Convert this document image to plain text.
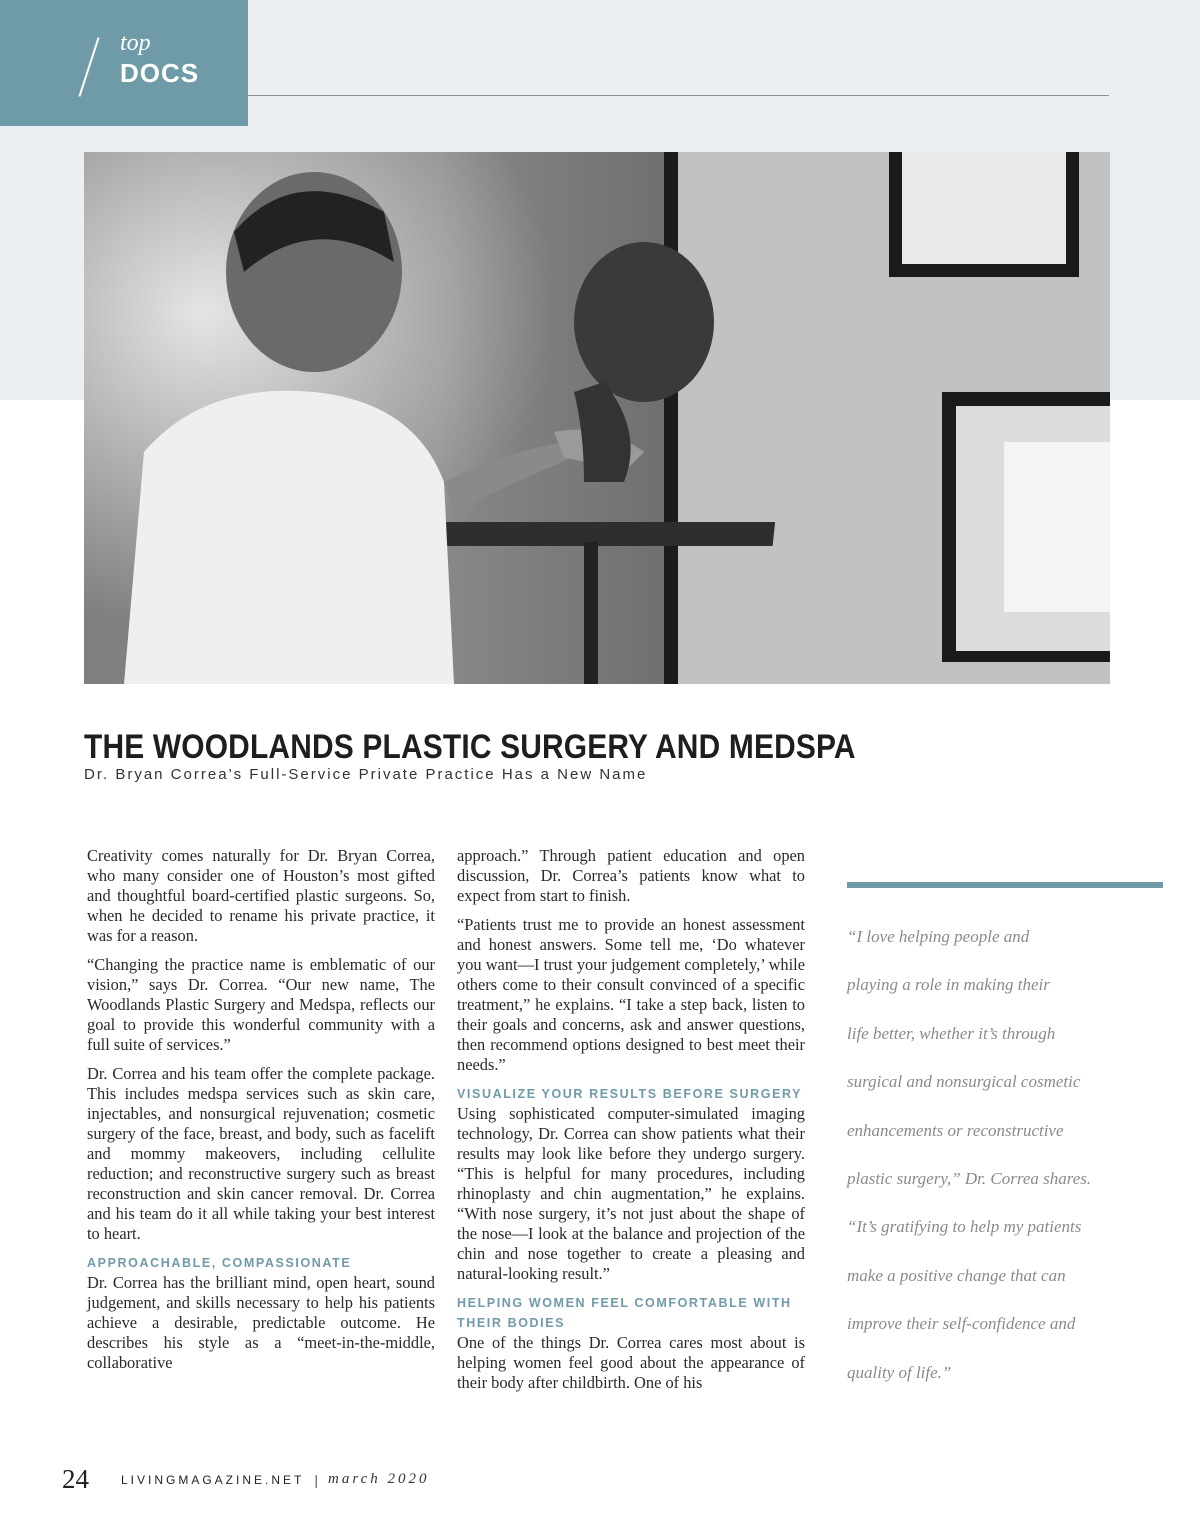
top
DOCS
THE WOODLANDS PLASTIC SURGERY AND MEDSPA
Dr. Bryan Correa’s Full-Service Private Practice Has a New Name

Creativity comes naturally for Dr. Bryan Correa, who many consider one of Houston’s most gifted and thoughtful board-certified plastic surgeons. So, when he decided to rename his private practice, it was for a reason.

“Changing the practice name is emblematic of our vision,” says Dr. Correa. “Our new name, The Woodlands Plastic Surgery and Medspa, reflects our goal to provide this wonderful community with a full suite of services.”

Dr. Correa and his team offer the complete package. This includes medspa services such as skin care, injectables, and nonsurgical rejuvenation; cosmetic surgery of the face, breast, and body, such as facelift and mommy makeovers, including cellulite reduction; and reconstructive surgery such as breast reconstruction and skin cancer removal. Dr. Correa and his team do it all while taking your best interest to heart.

APPROACHABLE, COMPASSIONATE

Dr. Correa has the brilliant mind, open heart, sound judgement, and skills necessary to help his patients achieve a desirable, predictable outcome. He describes his style as a “meet-in-the-middle, collaborative

approach.” Through patient education and open discussion, Dr. Correa’s patients know what to expect from start to finish.

“Patients trust me to provide an honest assessment and honest answers. Some tell me, ‘Do whatever you want—I trust your judgement completely,’ while others come to their consult convinced of a specific treatment,” he explains. “I take a step back, listen to their goals and concerns, ask and answer questions, then recommend options designed to best meet their needs.”

VISUALIZE YOUR RESULTS BEFORE SURGERY

Using sophisticated computer-simulated imaging technology, Dr. Correa can show patients what their results may look like before they undergo surgery. “This is helpful for many procedures, including rhinoplasty and chin augmentation,” he explains. “With nose surgery, it’s not just about the shape of the nose—I look at the balance and projection of the chin and nose together to create a pleasing and natural-looking result.”

HELPING WOMEN FEEL COMFORTABLE WITH THEIR BODIES

One of the things Dr. Correa cares most about is helping women feel good about the appearance of their body after childbirth. One of his

“I love helping people and
playing a role in making their
life better, whether it’s through
surgical and nonsurgical cosmetic
enhancements or reconstructive
plastic surgery,” Dr. Correa shares.
“It’s gratifying to help my patients
make a positive change that can
improve their self-confidence and
quality of life.”
24	LIVINGMAGAZINE.NET | march 2020
